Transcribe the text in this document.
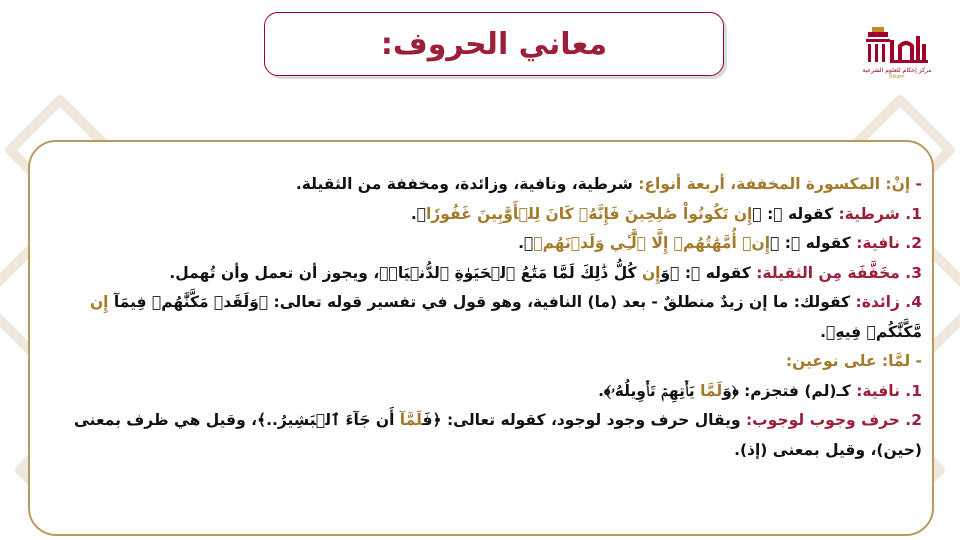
معاني الحروف:
مركز إحكام للعلوم الشرعية
Ihkam
- إنْ: المكسورة المخففة، أربعة أنواع: شرطية، ونافية، وزائدة، ومخففة من الثقيلة.
1. شرطية: كقوله ﷻ: ﴿إِن تَكُونُواْ صَٰلِحِينَ فَإِنَّهُۥ كَانَ لِلۡأَوَّٰبِينَ غَفُورٗا﴾.
2. نافية: كقوله ﷻ: ﴿إِنۡ أُمَّهَٰتُهُمۡ إِلَّا ٱلَّٰٓـِٔي وَلَدۡنَهُمۡ﴾.
3. مخَفَّفَة مِن الثقيلة: كقوله ﷻ: ﴿وَإِن كُلُّ ذَٰلِكَ لَمَّا مَتَٰعُ ٱلۡحَيَوٰةِ ٱلدُّنۡيَاۚ﴾، ويجوز أن تعمل وأن تُهمل.
4. زائدة: كقولك: ما إن زيدٌ منطلقٌ - بعد (ما) النافية، وهو قول في تفسير قوله تعالى: ﴿وَلَقَدۡ مَكَّنَّٰهُمۡ فِيمَآ إِن مَّكَّنَّٰكُمۡ فِيهِ﴾.
- لمَّا: على نوعين:
1. نافية: كـ(لم) فتجزم: ﴿وَلَمَّا يَأۡتِهِمۡ تَأۡوِيلُهُۥ﴾.
2. حرف وجوب لوجوب: ويقال حرف وجود لوجود، كقوله تعالى: ﴿فَلَمَّآ أَن جَآءَ ٱلۡبَشِيرُ..﴾، وقيل هي ظرف بمعنى (حين)، وقيل بمعنى (إذ).
